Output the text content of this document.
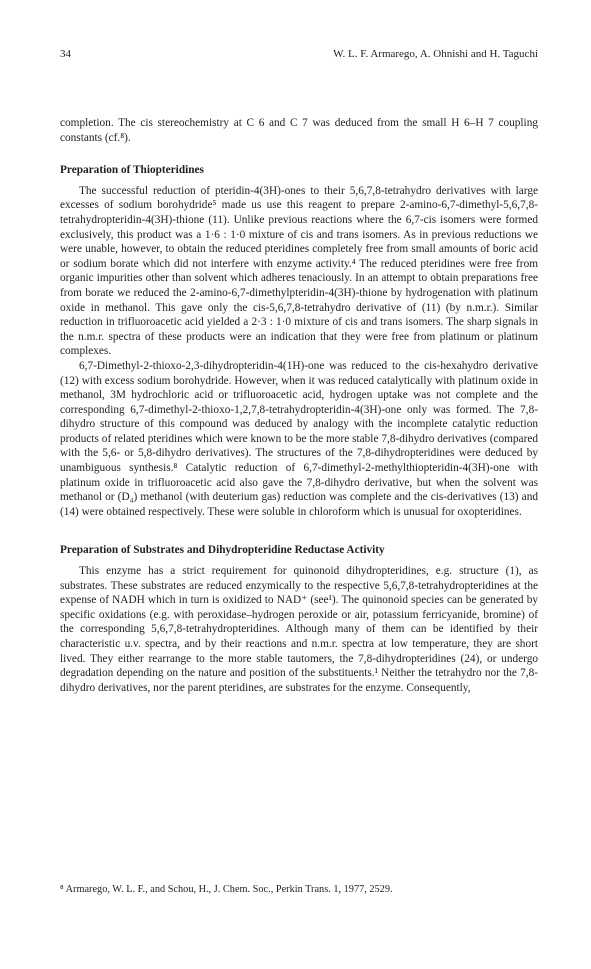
34	W. L. F. Armarego, A. Ohnishi and H. Taguchi

completion. The cis stereochemistry at C 6 and C 7 was deduced from the small H 6–H 7 coupling constants (cf.⁸).

Preparation of Thiopteridines

The successful reduction of pteridin-4(3H)-ones to their 5,6,7,8-tetrahydro derivatives with large excesses of sodium borohydride⁵ made us use this reagent to prepare 2-amino-6,7-dimethyl-5,6,7,8-tetrahydropteridin-4(3H)-thione (11). Unlike previous reactions where the 6,7-cis isomers were formed exclusively, this product was a 1·6 : 1·0 mixture of cis and trans isomers. As in previous reductions we were unable, however, to obtain the reduced pteridines completely free from small amounts of boric acid or sodium borate which did not interfere with enzyme activity.⁴ The reduced pteridines were free from organic impurities other than solvent which adheres tenaciously. In an attempt to obtain preparations free from borate we reduced the 2-amino-6,7-dimethylpteridin-4(3H)-thione by hydrogenation with platinum oxide in methanol. This gave only the cis-5,6,7,8-tetrahydro derivative of (11) (by n.m.r.). Similar reduction in trifluoroacetic acid yielded a 2·3 : 1·0 mixture of cis and trans isomers. The sharp signals in the n.m.r. spectra of these products were an indication that they were free from platinum or platinum complexes.

6,7-Dimethyl-2-thioxo-2,3-dihydropteridin-4(1H)-one was reduced to the cis-hexahydro derivative (12) with excess sodium borohydride. However, when it was reduced catalytically with platinum oxide in methanol, 3M hydrochloric acid or trifluoroacetic acid, hydrogen uptake was not complete and the corresponding 6,7-dimethyl-2-thioxo-1,2,7,8-tetrahydropteridin-4(3H)-one only was formed. The 7,8-dihydro structure of this compound was deduced by analogy with the incomplete catalytic reduction products of related pteridines which were known to be the more stable 7,8-dihydro derivatives (compared with the 5,6- or 5,8-dihydro derivatives). The structures of the 7,8-dihydropteridines were deduced by unambiguous synthesis.⁸ Catalytic reduction of 6,7-dimethyl-2-methylthiopteridin-4(3H)-one with platinum oxide in trifluoroacetic acid also gave the 7,8-dihydro derivative, but when the solvent was methanol or (D₄) methanol (with deuterium gas) reduction was complete and the cis-derivatives (13) and (14) were obtained respectively. These were soluble in chloroform which is unusual for oxopteridines.

Preparation of Substrates and Dihydropteridine Reductase Activity

This enzyme has a strict requirement for quinonoid dihydropteridines, e.g. structure (1), as substrates. These substrates are reduced enzymically to the respective 5,6,7,8-tetrahydropteridines at the expense of NADH which in turn is oxidized to NAD⁺ (see¹). The quinonoid species can be generated by specific oxidations (e.g. with peroxidase–hydrogen peroxide or air, potassium ferricyanide, bromine) of the corresponding 5,6,7,8-tetrahydropteridines. Although many of them can be identified by their characteristic u.v. spectra, and by their reactions and n.m.r. spectra at low temperature, they are short lived. They either rearrange to the more stable tautomers, the 7,8-dihydropteridines (24), or undergo degradation depending on the nature and position of the substituents.¹ Neither the tetrahydro nor the 7,8-dihydro derivatives, nor the parent pteridines, are substrates for the enzyme. Consequently,

⁸ Armarego, W. L. F., and Schou, H., J. Chem. Soc., Perkin Trans. 1, 1977, 2529.
